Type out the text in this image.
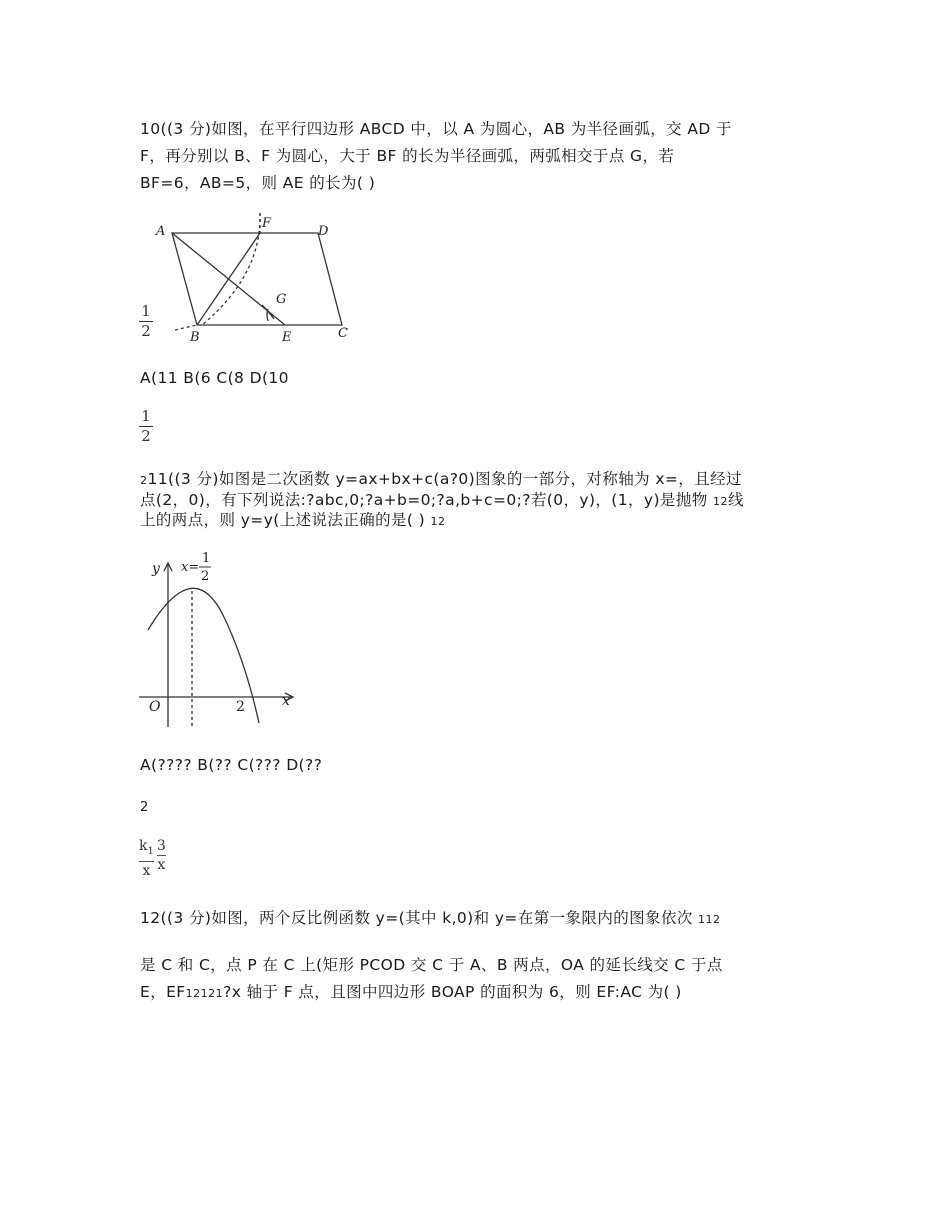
10((3 分)如图，在平行四边形 ABCD 中，以 A 为圆心，AB 为半径画弧，交 AD 于
F，再分别以 B、F 为圆心，大于 BF 的长为半径画弧，两弧相交于点 G，若
BF=6，AB=5，则 AE 的长为( )
A
F
D
G
B	E	C
1
2
A(11 B(6 C(8 D(10
1
2
211((3 分)如图是二次函数 y=ax+bx+c(a?0)图象的一部分，对称轴为 x=，且经过
点(2，0)，有下列说法:?abc,0;?a+b=0;?a,b+c=0;?若(0，y)，(1，y)是抛物 12线
上的两点，则 y=y(上述说法正确的是( ) 12
y
x
O	2
x=
1
2
A(???? B(?? C(??? D(??
2
$k_1$
x
3
x
12((3 分)如图，两个反比例函数 y=(其中 k,0)和 y=在第一象限内的图象依次 112
是 C 和 C，点 P 在 C 上(矩形 PCOD 交 C 于 A、B 两点，OA 的延长线交 C 于点
E，EF12121?x 轴于 F 点，且图中四边形 BOAP 的面积为 6，则 EF:AC 为( )
